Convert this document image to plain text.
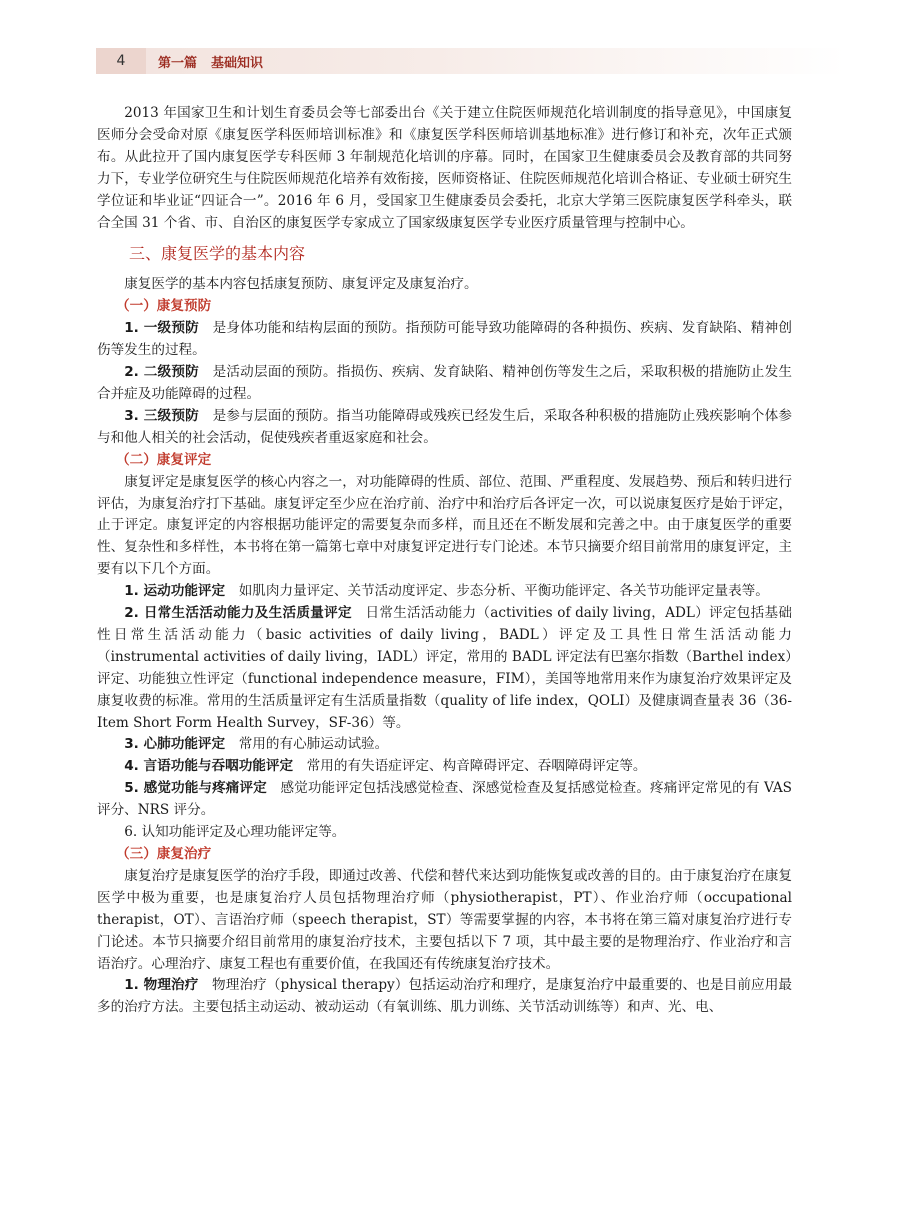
4	第一篇 基础知识

2013 年国家卫生和计划生育委员会等七部委出台《关于建立住院医师规范化培训制度的指导意见》，中国康复医师分会受命对原《康复医学科医师培训标准》和《康复医学科医师培训基地标准》进行修订和补充，次年正式颁布。从此拉开了国内康复医学专科医师 3 年制规范化培训的序幕。同时，在国家卫生健康委员会及教育部的共同努力下，专业学位研究生与住院医师规范化培养有效衔接，医师资格证、住院医师规范化培训合格证、专业硕士研究生学位证和毕业证“四证合一”。2016 年 6 月，受国家卫生健康委员会委托，北京大学第三医院康复医学科牵头，联合全国 31 个省、市、自治区的康复医学专家成立了国家级康复医学专业医疗质量管理与控制中心。

三、康复医学的基本内容

康复医学的基本内容包括康复预防、康复评定及康复治疗。

（一）康复预防

1. 一级预防 是身体功能和结构层面的预防。指预防可能导致功能障碍的各种损伤、疾病、发育缺陷、精神创伤等发生的过程。

2. 二级预防 是活动层面的预防。指损伤、疾病、发育缺陷、精神创伤等发生之后，采取积极的措施防止发生合并症及功能障碍的过程。

3. 三级预防 是参与层面的预防。指当功能障碍或残疾已经发生后，采取各种积极的措施防止残疾影响个体参与和他人相关的社会活动，促使残疾者重返家庭和社会。

（二）康复评定

康复评定是康复医学的核心内容之一，对功能障碍的性质、部位、范围、严重程度、发展趋势、预后和转归进行评估，为康复治疗打下基础。康复评定至少应在治疗前、治疗中和治疗后各评定一次，可以说康复医疗是始于评定，止于评定。康复评定的内容根据功能评定的需要复杂而多样，而且还在不断发展和完善之中。由于康复医学的重要性、复杂性和多样性，本书将在第一篇第七章中对康复评定进行专门论述。本节只摘要介绍目前常用的康复评定，主要有以下几个方面。

1. 运动功能评定 如肌肉力量评定、关节活动度评定、步态分析、平衡功能评定、各关节功能评定量表等。

2. 日常生活活动能力及生活质量评定 日常生活活动能力（activities of daily living，ADL）评定包括基础性日常生活活动能力（basic activities of daily living，BADL）评定及工具性日常生活活动能力（instrumental activities of daily living，IADL）评定，常用的 BADL 评定法有巴塞尔指数（Barthel index）评定、功能独立性评定（functional independence measure，FIM），美国等地常用来作为康复治疗效果评定及康复收费的标准。常用的生活质量评定有生活质量指数（quality of life index，QOLI）及健康调查量表 36（36-Item Short Form Health Survey，SF-36）等。

3. 心肺功能评定 常用的有心肺运动试验。

4. 言语功能与吞咽功能评定 常用的有失语症评定、构音障碍评定、吞咽障碍评定等。

5. 感觉功能与疼痛评定 感觉功能评定包括浅感觉检查、深感觉检查及复括感觉检查。疼痛评定常见的有 VAS 评分、NRS 评分。

6. 认知功能评定及心理功能评定等。

（三）康复治疗

康复治疗是康复医学的治疗手段，即通过改善、代偿和替代来达到功能恢复或改善的目的。由于康复治疗在康复医学中极为重要，也是康复治疗人员包括物理治疗师（physiotherapist，PT）、作业治疗师（occupational therapist，OT）、言语治疗师（speech therapist，ST）等需要掌握的内容，本书将在第三篇对康复治疗进行专门论述。本节只摘要介绍目前常用的康复治疗技术，主要包括以下 7 项，其中最主要的是物理治疗、作业治疗和言语治疗。心理治疗、康复工程也有重要价值，在我国还有传统康复治疗技术。

1. 物理治疗 物理治疗（physical therapy）包括运动治疗和理疗，是康复治疗中最重要的、也是目前应用最多的治疗方法。主要包括主动运动、被动运动（有氧训练、肌力训练、关节活动训练等）和声、光、电、
